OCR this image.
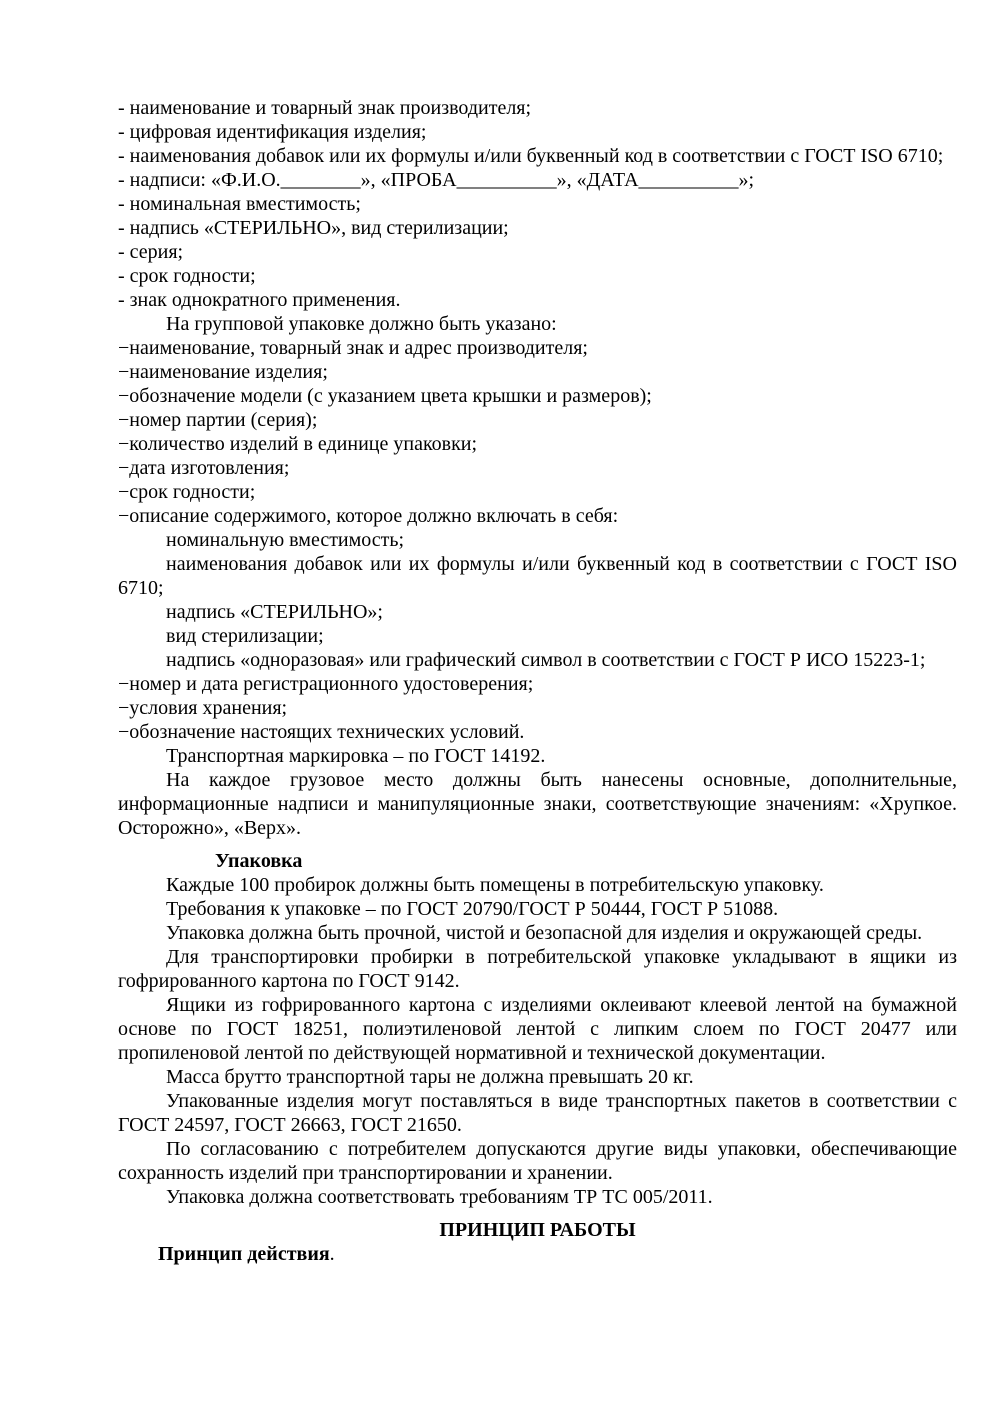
- наименование и товарный знак производителя;

- цифровая идентификация изделия;

- наименования добавок или их формулы и/или буквенный код в соответствии с ГОСТ ISO 6710;

- надписи: «Ф.И.О.________», «ПРОБА__________», «ДАТА__________»;

- номинальная вместимость;

- надпись «СТЕРИЛЬНО», вид стерилизации;

- серия;

- срок годности;

- знак однократного применения.

На групповой упаковке должно быть указано:

−наименование, товарный знак и адрес производителя;

−наименование изделия;

−обозначение модели (с указанием цвета крышки и размеров);

−номер партии (серия);

−количество изделий в единице упаковки;

−дата изготовления;

−срок годности;

−описание содержимого, которое должно включать в себя:

номинальную вместимость;

наименования добавок или их формулы и/или буквенный код в соответствии с ГОСТ ISO 6710;

надпись «СТЕРИЛЬНО»;

вид стерилизации;

надпись «одноразовая» или графический символ в соответствии с ГОСТ Р ИСО 15223-1;

−номер и дата регистрационного удостоверения;

−условия хранения;

−обозначение настоящих технических условий.

Транспортная маркировка – по ГОСТ 14192.

На каждое грузовое место должны быть нанесены основные, дополнительные, информационные надписи и манипуляционные знаки, соответствующие значениям: «Хрупкое. Осторожно», «Верх».

Упаковка

Каждые 100 пробирок должны быть помещены в потребительскую упаковку.

Требования к упаковке – по ГОСТ 20790/ГОСТ Р 50444, ГОСТ Р 51088.

Упаковка должна быть прочной, чистой и безопасной для изделия и окружающей среды.

Для транспортировки пробирки в потребительской упаковке укладывают в ящики из гофрированного картона по ГОСТ 9142.

Ящики из гофрированного картона с изделиями оклеивают клеевой лентой на бумажной основе по ГОСТ 18251, полиэтиленовой лентой с липким слоем по ГОСТ 20477 или пропиленовой лентой по действующей нормативной и технической документации.

Масса брутто транспортной тары не должна превышать 20 кг.

Упакованные изделия могут поставляться в виде транспортных пакетов в соответствии с ГОСТ 24597, ГОСТ 26663, ГОСТ 21650.

По согласованию с потребителем допускаются другие виды упаковки, обеспечивающие сохранность изделий при транспортировании и хранении.

Упаковка должна соответствовать требованиям ТР ТС 005/2011.

ПРИНЦИП РАБОТЫ

Принцип действия.
